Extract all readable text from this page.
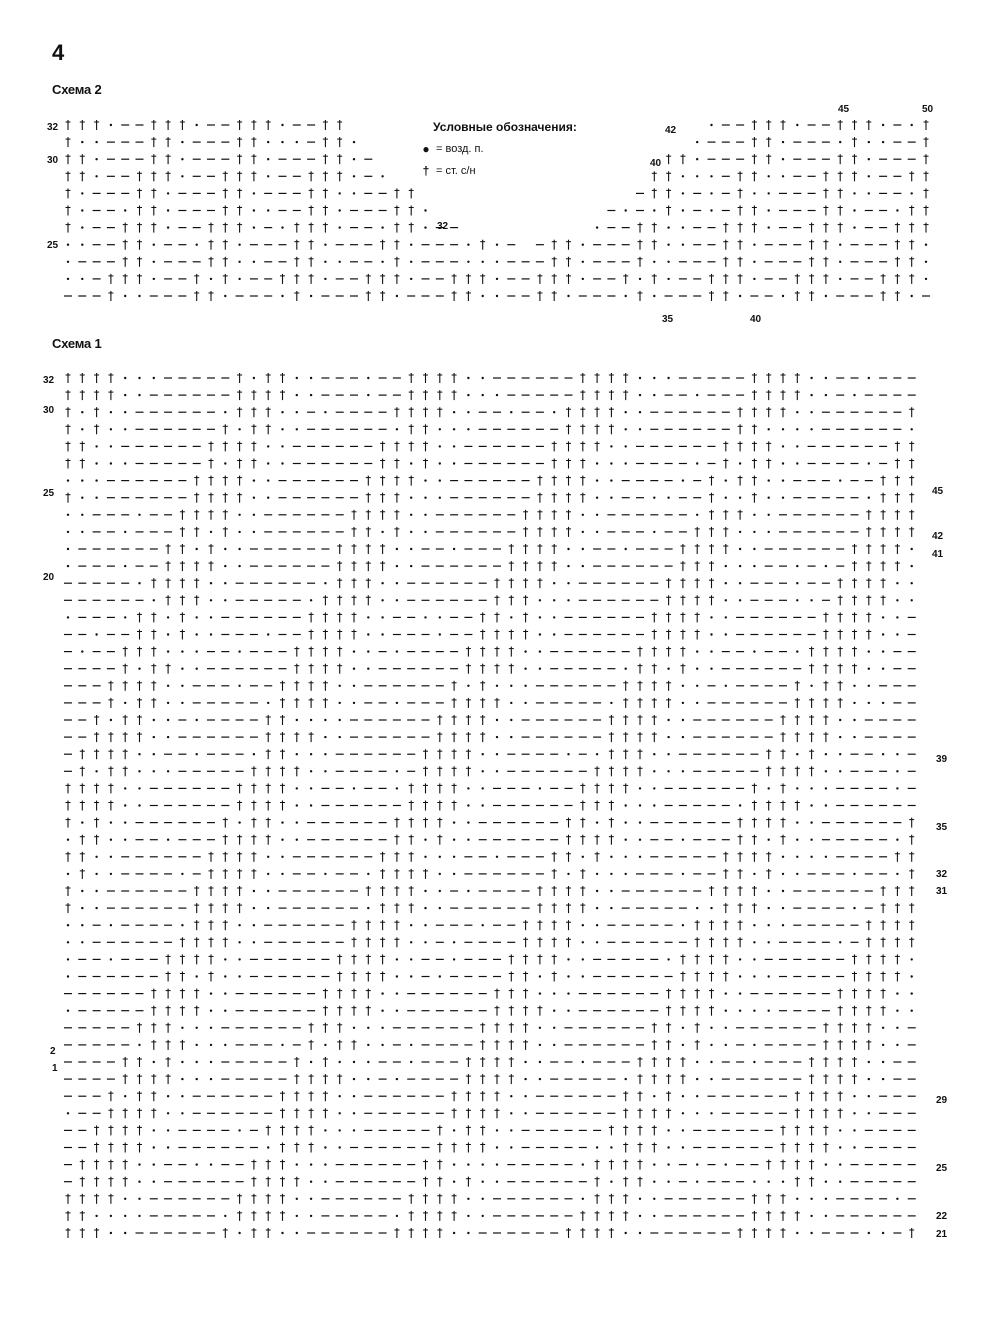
4
Схема 2
32
30
25
32
42
40
45	50
35	40
Условные обозначения:
● = возд. п.
† = ст. с/н
Схема 1
32
30
25
20
2
1
45
42
41
39
35
32
31
29
25
22
21
